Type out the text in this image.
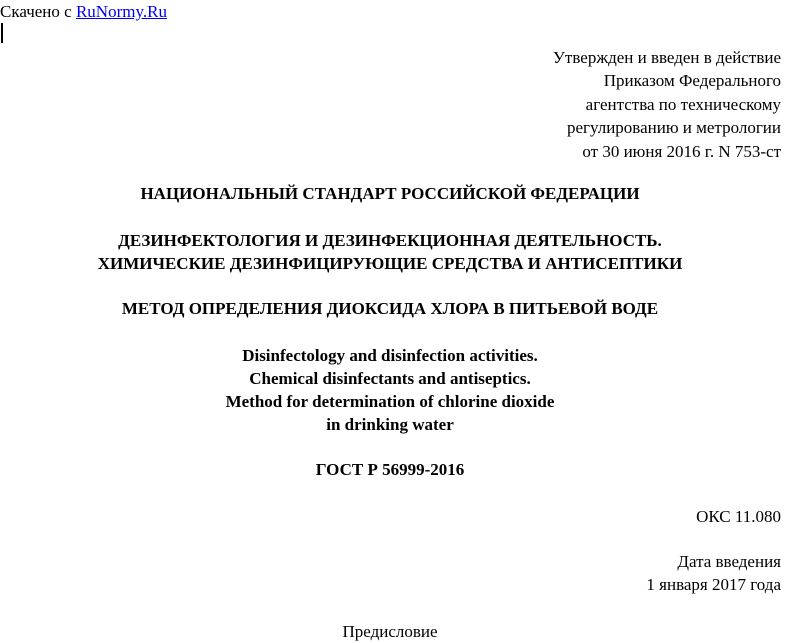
Скачено с RuNormy.Ru
Утвержден и введен в действие
Приказом Федерального
агентства по техническому
регулированию и метрологии
от 30 июня 2016 г. N 753-ст
НАЦИОНАЛЬНЫЙ СТАНДАРТ РОССИЙСКОЙ ФЕДЕРАЦИИ
ДЕЗИНФЕКТОЛОГИЯ И ДЕЗИНФЕКЦИОННАЯ ДЕЯТЕЛЬНОСТЬ.
ХИМИЧЕСКИЕ ДЕЗИНФИЦИРУЮЩИЕ СРЕДСТВА И АНТИСЕПТИКИ
МЕТОД ОПРЕДЕЛЕНИЯ ДИОКСИДА ХЛОРА В ПИТЬЕВОЙ ВОДЕ
Disinfectology and disinfection activities.
Chemical disinfectants and antiseptics.
Method for determination of chlorine dioxide
in drinking water
ГОСТ Р 56999-2016
ОКС 11.080
Дата введения
1 января 2017 года
Предисловие
